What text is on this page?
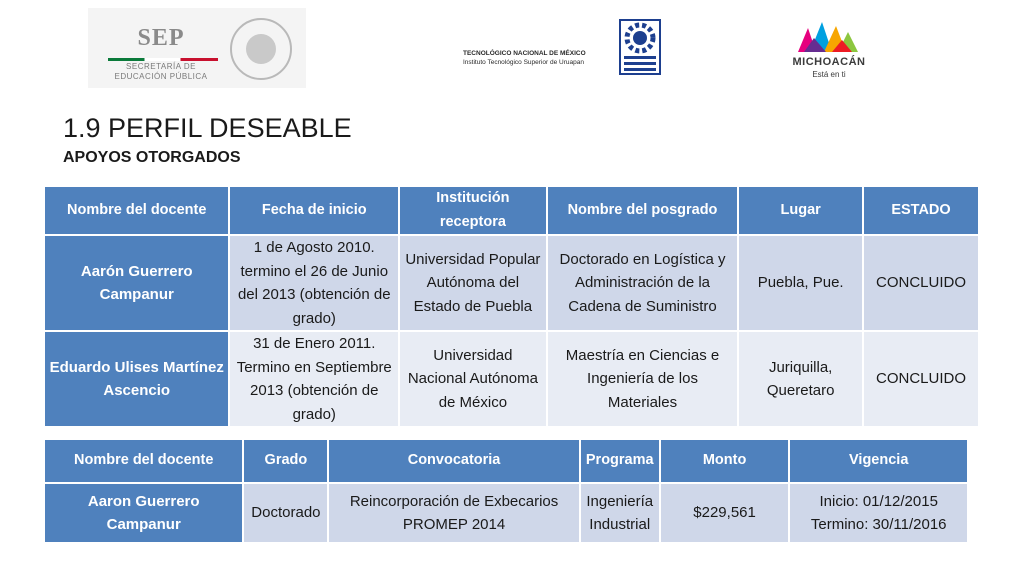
SEP
SECRETARÍA DE
EDUCACIÓN PÚBLICA
TECNOLÓGICO NACIONAL DE MÉXICO
Instituto Tecnológico Superior de Uruapan	MICHOACÁN
Está en ti
1.9 PERFIL DESEABLE
APOYOS OTORGADOS
Nombre del docente	Fecha de inicio	Institución receptora	Nombre del posgrado	Lugar	ESTADO
Aarón Guerrero Campanur	1 de Agosto 2010. termino el 26 de Junio del 2013 (obtención de grado)	Universidad Popular Autónoma del Estado de Puebla	Doctorado en Logística y Administración de la Cadena de Suministro	Puebla, Pue.	CONCLUIDO
Eduardo Ulises Martínez Ascencio	31 de Enero 2011. Termino en Septiembre 2013 (obtención de grado)	Universidad Nacional Autónoma de México	Maestría en Ciencias e Ingeniería de los Materiales	Juriquilla, Queretaro	CONCLUIDO
Nombre del docente	Grado	Convocatoria	Programa	Monto	Vigencia
Aaron Guerrero Campanur	Doctorado	Reincorporación de Exbecarios PROMEP 2014	Ingeniería Industrial	$229,561	Inicio: 01/12/2015 Termino: 30/11/2016
